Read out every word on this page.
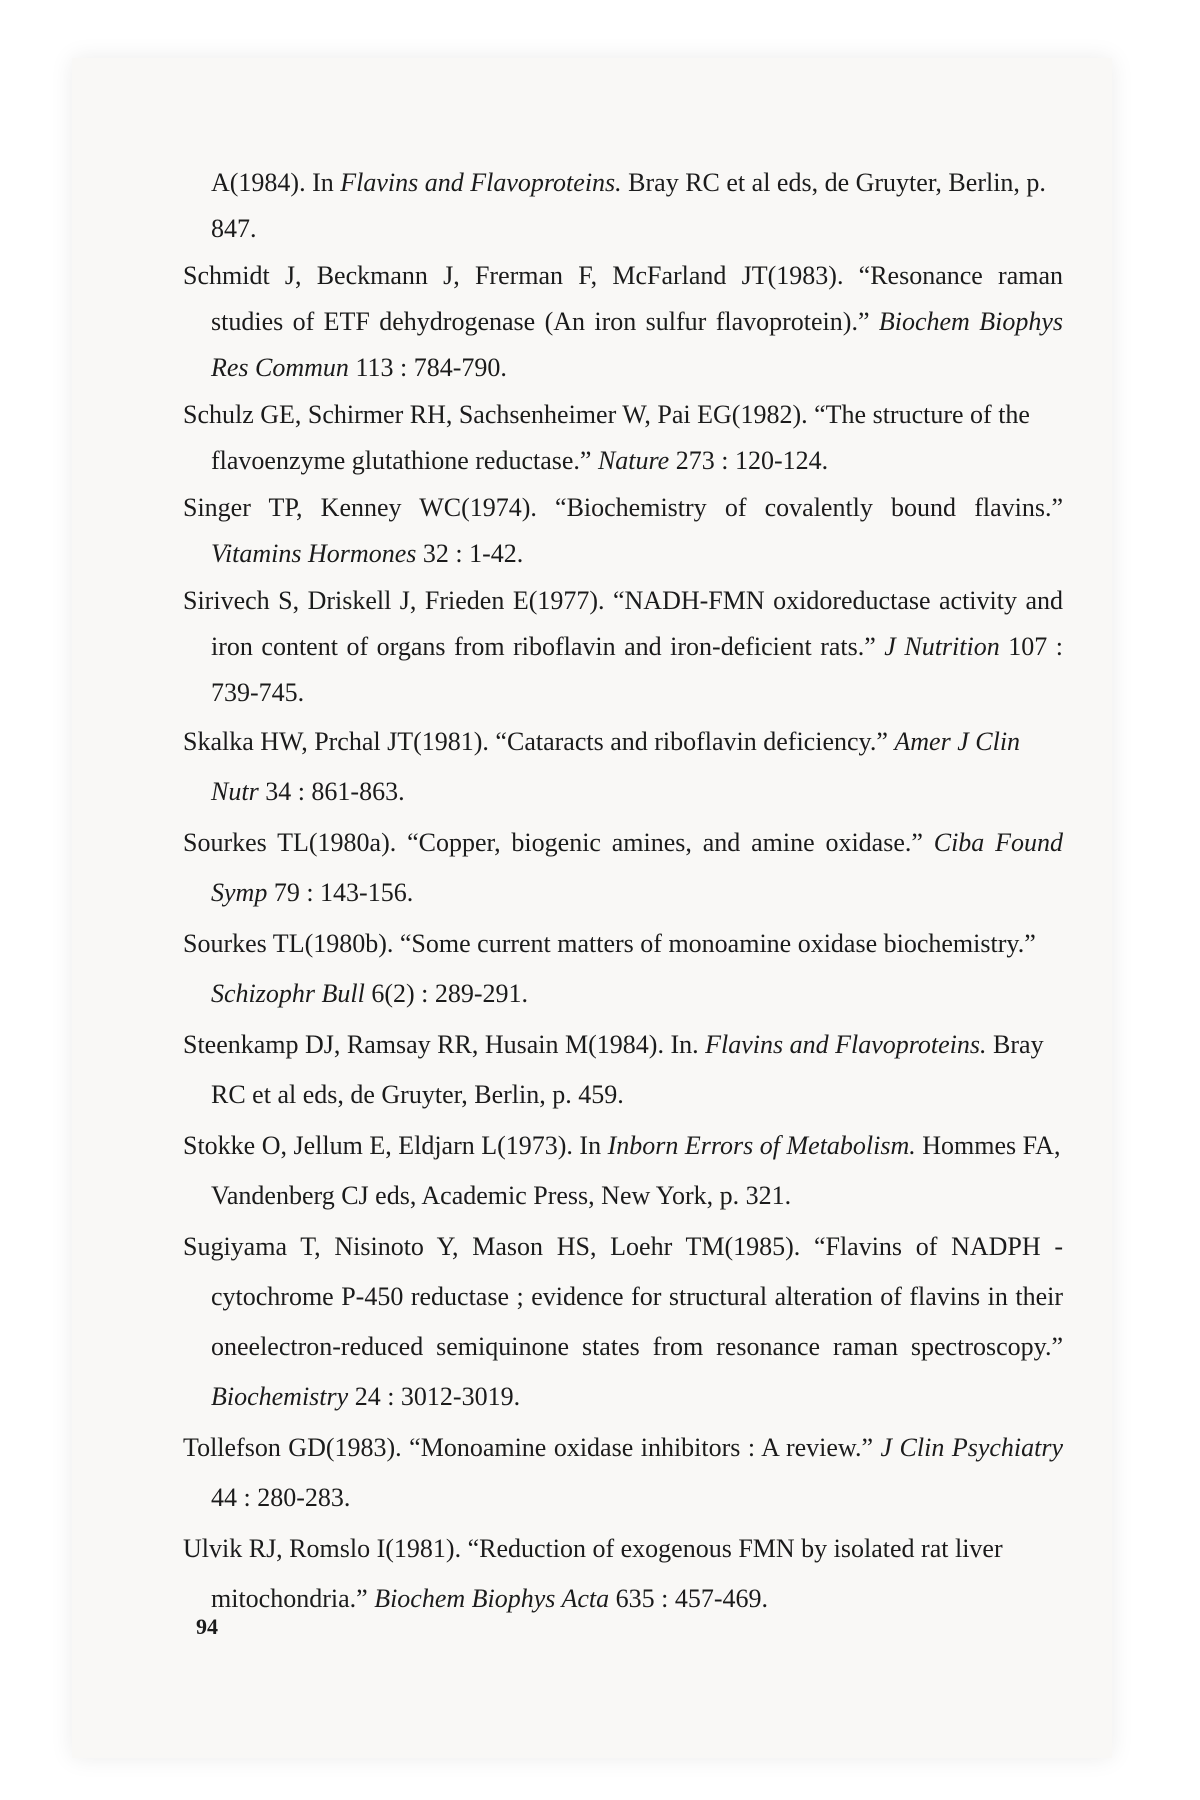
A(1984). In Flavins and Flavoproteins. Bray RC et al eds, de Gruyter, Berlin, p. 847.

Schmidt J, Beckmann J, Frerman F, McFarland JT(1983). “Resonance raman studies of ETF dehydrogenase (An iron sulfur flavoprotein).” Biochem Biophys Res Commun 113 : 784-790.

Schulz GE, Schirmer RH, Sachsenheimer W, Pai EG(1982). “The structure of the flavoenzyme glutathione reductase.” Nature 273 : 120-124.

Singer TP, Kenney WC(1974). “Biochemistry of covalently bound flavins.” Vitamins Hormones 32 : 1-42.

Sirivech S, Driskell J, Frieden E(1977). “NADH-FMN oxidoreductase activity and iron content of organs from riboflavin and iron-deficient rats.” J Nutrition 107 : 739-745.

Skalka HW, Prchal JT(1981). “Cataracts and riboflavin deficiency.” Amer J Clin Nutr 34 : 861-863.

Sourkes TL(1980a). “Copper, biogenic amines, and amine oxidase.” Ciba Found Symp 79 : 143-156.

Sourkes TL(1980b). “Some current matters of monoamine oxidase biochemistry.” Schizophr Bull 6(2) : 289-291.

Steenkamp DJ, Ramsay RR, Husain M(1984). In. Flavins and Flavoproteins. Bray RC et al eds, de Gruyter, Berlin, p. 459.

Stokke O, Jellum E, Eldjarn L(1973). In Inborn Errors of Metabolism. Hommes FA, Vandenberg CJ eds, Academic Press, New York, p. 321.

Sugiyama T, Nisinoto Y, Mason HS, Loehr TM(1985). “Flavins of NADPH -cytochrome P-450 reductase ; evidence for structural alteration of flavins in their oneelectron-reduced semiquinone states from resonance raman spectroscopy.” Biochemistry 24 : 3012-3019.

Tollefson GD(1983). “Monoamine oxidase inhibitors : A review.” J Clin Psychiatry 44 : 280-283.

Ulvik RJ, Romslo I(1981). “Reduction of exogenous FMN by isolated rat liver mitochondria.” Biochem Biophys Acta 635 : 457-469.

94
